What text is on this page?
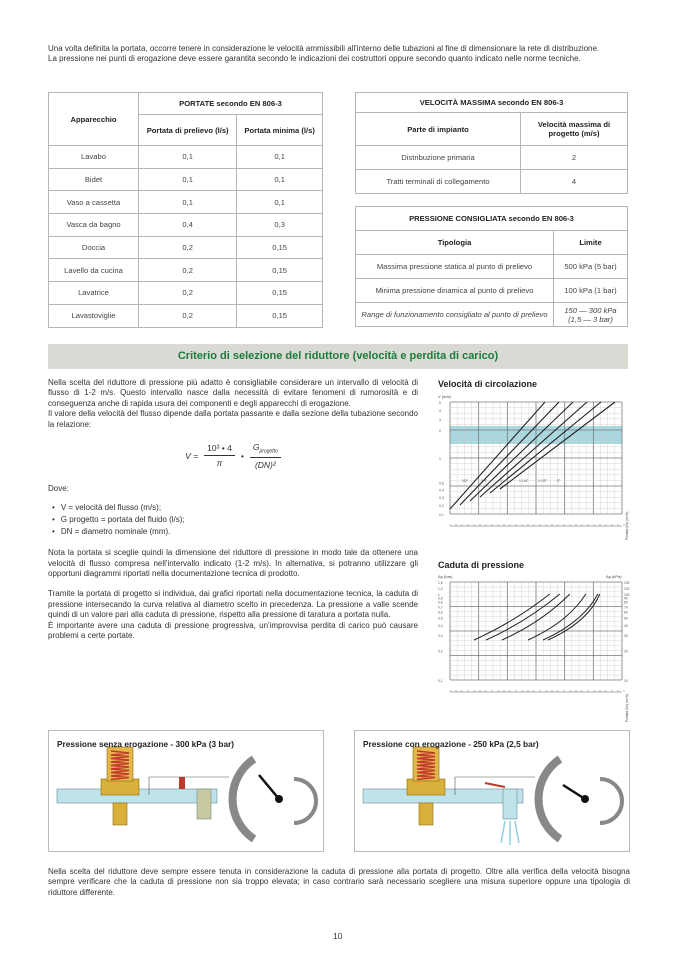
Una volta definita la portata, occorre tenere in considerazione le velocità ammissibili all'interno delle tubazioni al fine di dimensionare la rete di distribuzione.

La pressione nei punti di erogazione deve essere garantita secondo le indicazioni dei costruttori oppure secondo quanto indicato nelle norme tecniche.

Apparecchio	PORTATE secondo EN 806-3	
	Portata di prelievo (l/s)	Portata minima (l/s)
Lavabo	0,1	0,1
Bidet	0,1	0,1
Vaso a cassetta	0,1	0,1
Vasca da bagno	0,4	0,3
Doccia	0,2	0,15
Lavello da cucina	0,2	0,15
Lavatrice	0,2	0,15
Lavastoviglie	0,2	0,15
VELOCITÀ MASSIMA secondo EN 806-3	
Parte di impianto	Velocità massima di progetto (m/s)
Distribuzione primaria	2
Tratti terminali di collegamento	4
PRESSIONE CONSIGLIATA secondo EN 806-3	
Tipologia	Limite
Massima pressione statica al punto di prelievo	500 kPa (5 bar)
Minima pressione dinamica al punto di prelievo	100 kPa (1 bar)
Range di funzionamento consigliato al punto di prelievo	150 — 300 kPa (1,5 — 3 bar)
Criterio di selezione del riduttore (velocità e perdita di carico)

Nella scelta del riduttore di pressione più adatto è consigliabile considerare un intervallo di velocità di flusso di 1-2 m/s. Questo intervallo nasce dalla necessità di evitare fenomeni di rumorosità e di conseguenza anche di rapida usura dei componenti e degli apparecchi di erogazione.

Il valore della velocità del flusso dipende dalla portata passante e dalla sezione della tubazione secondo la relazione:

$V = \frac{\text{10³ • 4}}{\pi}$ •
$G_{progetto}$
(DN)²

Dove:

• V = velocità del flusso (m/s);
• G progetto = portata del fluido (l/s);
• DN = diametro nominale (mm).

Nota la portata si sceglie quindi la dimensione del riduttore di pressione in modo tale da ottenere una velocità di flusso compresa nell'intervallo indicato (1-2 m/s). In alternativa, si potranno utilizzare gli opportuni diagrammi riportati nella documentazione tecnica di prodotto.

Tramite la portata di progetto si individua, dai grafici riportati nella documentazione tecnica, la caduta di pressione intersecando la curva relativa al diametro scelto in precedenza. La pressione a valle scende quindi di un valore pari alla caduta di pressione, rispetto alla pressione di taratura a portata nulla.

È importante avere una caduta di pressione progressiva, un'improvvisa perdita di carico può causare problemi a certe portate.

Velocità di circolazione
V (m/s)
5
4
3
2
1
0,5
0,4
0,3
0,2
0,1
1/2"	3/4"	1"	1 1/4"	1 1/2"	2"
Portata (l/s) (m³/h)
Caduta di pressione
Δp (bar)	Δp (kPa)
1,5
1,2
1
0,9
0,8
0,7
0,6
0,5
0,4
0,3
0,2
0,1
150
120
100
90
80
70
60
50
40
30
20
10
Portata (l/s) (m³/h)
Pressione senza erogazione - 300 kPa (3 bar)	Pressione con erogazione - 250 kPa (2,5 bar)

Nella scelta del riduttore deve sempre essere tenuta in considerazione la caduta di pressione alla portata di progetto. Oltre alla verifica della velocità bisogna sempre verificare che la caduta di pressione non sia troppo elevata; in caso contrario sarà necessario scegliere una misura superiore oppure una tipologia di riduttore differente.

10
